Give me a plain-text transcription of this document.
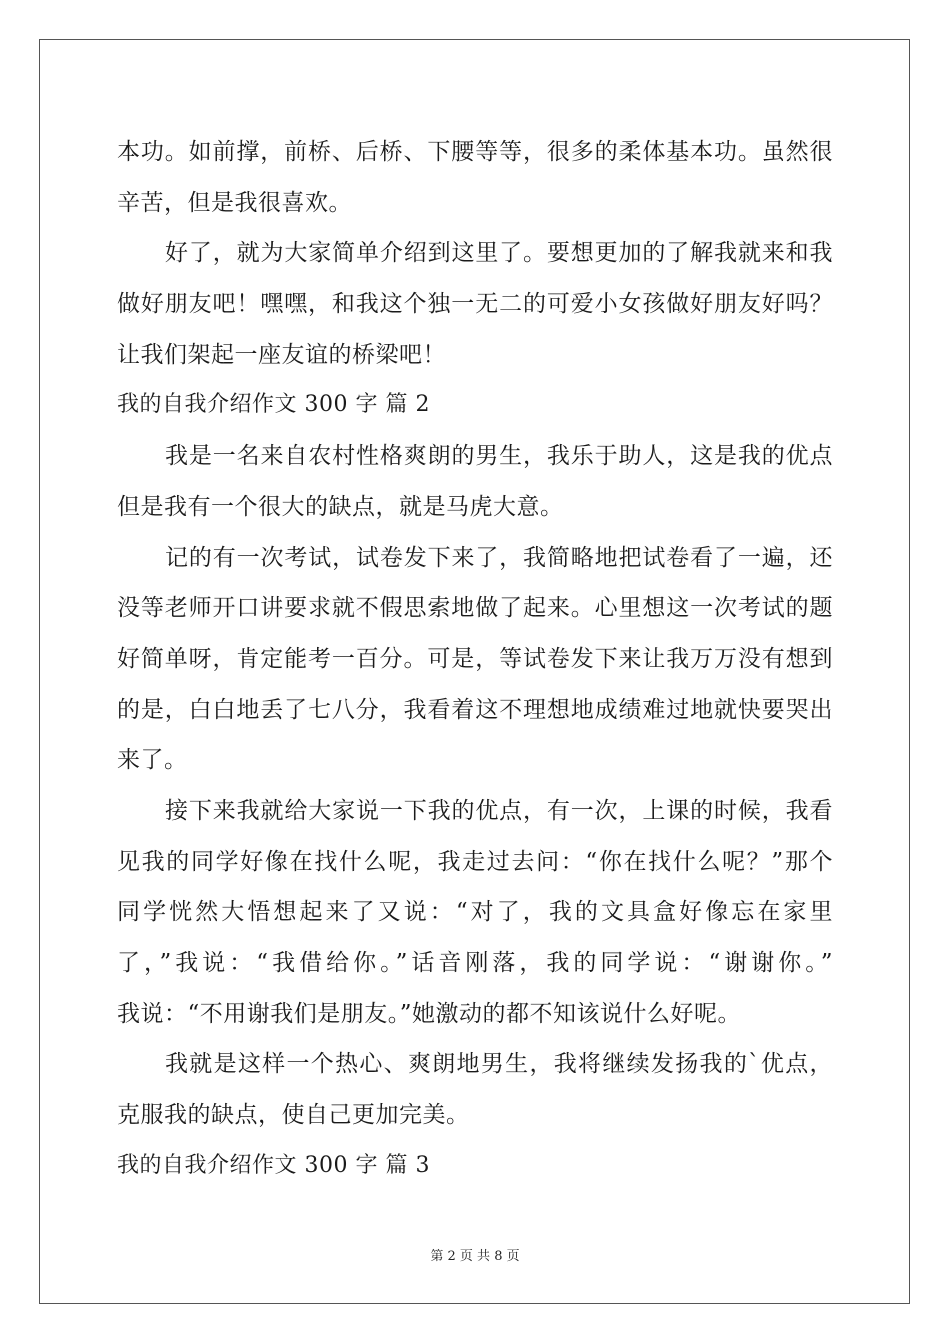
本功。如前撑，前桥、后桥、下腰等等，很多的柔体基本功。虽然很
辛苦，但是我很喜欢。
好了，就为大家简单介绍到这里了。要想更加的了解我就来和我
做好朋友吧！嘿嘿，和我这个独一无二的可爱小女孩做好朋友好吗？
让我们架起一座友谊的桥梁吧！
我的自我介绍作文 300 字 篇 2
我是一名来自农村性格爽朗的男生，我乐于助人，这是我的优点
但是我有一个很大的缺点，就是马虎大意。
记的有一次考试，试卷发下来了，我简略地把试卷看了一遍，还
没等老师开口讲要求就不假思索地做了起来。心里想这一次考试的题
好简单呀，肯定能考一百分。可是，等试卷发下来让我万万没有想到
的是，白白地丢了七八分，我看着这不理想地成绩难过地就快要哭出
来了。
接下来我就给大家说一下我的优点，有一次，上课的时候，我看
见我的同学好像在找什么呢，我走过去问：“你在找什么呢？”那个
同学恍然大悟想起来了又说：“对了，我的文具盒好像忘在家里
了，”我说：“我借给你。”话音刚落，我的同学说：“谢谢你。”
我说：“不用谢我们是朋友。”她激动的都不知该说什么好呢。
我就是这样一个热心、爽朗地男生，我将继续发扬我的`优点，
克服我的缺点，使自己更加完美。
我的自我介绍作文 300 字 篇 3
第 2 页 共 8 页
